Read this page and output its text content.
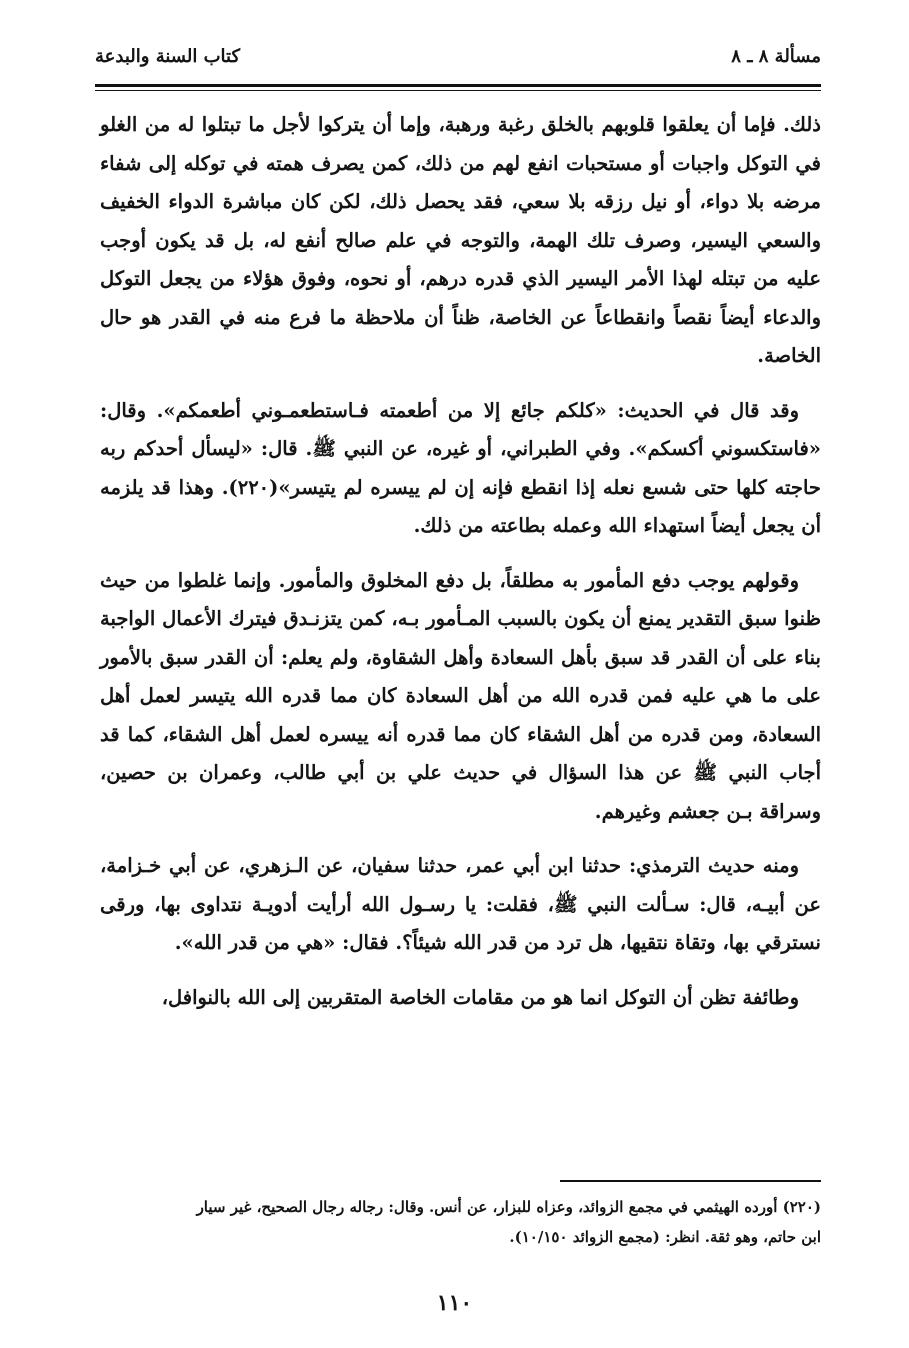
مسألة ٨ ـ ٨
كتاب السنة والبدعة

ذلك. فإما أن يعلقوا قلوبهم بالخلق رغبة ورهبة، وإما أن يتركوا لأجل ما تبتلوا له من الغلو في التوكل واجبات أو مستحبات انفع لهم من ذلك، كمن يصرف همته في توكله إلى شفاء مرضه بلا دواء، أو نيل رزقه بلا سعي، فقد يحصل ذلك، لكن كان مباشرة الدواء الخفيف والسعي اليسير، وصرف تلك الهمة، والتوجه في علم صالح أنفع له، بل قد يكون أوجب عليه من تبتله لهذا الأمر اليسير الذي قدره درهم، أو نحوه، وفوق هؤلاء من يجعل التوكل والدعاء أيضاً نقصاً وانقطاعاً عن الخاصة، ظناً أن ملاحظة ما فرع منه في القدر هو حال الخاصة.

وقد قال في الحديث: «كلكم جائع إلا من أطعمته فـاستطعمـوني أطعمكم». وقال: «فاستكسوني أكسكم». وفي الطبراني، أو غيره، عن النبي ﷺ. قال: «ليسأل أحدكم ربه حاجته كلها حتى شسع نعله إذا انقطع فإنه إن لم ييسره لم يتيسر»(٢٢٠). وهذا قد يلزمه أن يجعل أيضاً استهداء الله وعمله بطاعته من ذلك.

وقولهم يوجب دفع المأمور به مطلقاً، بل دفع المخلوق والمأمور. وإنما غلطوا من حيث ظنوا سبق التقدير يمنع أن يكون بالسبب المـأمور بـه، كمن يتزنـدق فيترك الأعمال الواجبة بناء على أن القدر قد سبق بأهل السعادة وأهل الشقاوة، ولم يعلم: أن القدر سبق بالأمور على ما هي عليه فمن قدره الله من أهل السعادة كان مما قدره الله يتيسر لعمل أهل السعادة، ومن قدره من أهل الشقاء كان مما قدره أنه ييسره لعمل أهل الشقاء، كما قد أجاب النبي ﷺ عن هذا السؤال في حديث علي بن أبي طالب، وعمران بن حصين، وسراقة بـن جعشم وغيرهم.

ومنه حديث الترمذي: حدثنا ابن أبي عمر، حدثنا سفيان، عن الـزهري، عن أبي خـزامة، عن أبيـه، قال: سـألت النبي ﷺ، فقلت: يا رسـول الله أرأيت أدويـة نتداوى بها، ورقى نسترقي بها، وتقاة نتقيها، هل ترد من قدر الله شيئاً؟. فقال: «هي من قدر الله».

وطائفة تظن أن التوكل انما هو من مقامات الخاصة المتقربين إلى الله بالنوافل،

(٢٢٠) أورده الهيثمي في مجمع الزوائد، وعزاه للبزار، عن أنس. وقال: رجاله رجال الصحيح، غير سيار

ابن حاتم، وهو ثقة. انظر: (مجمع الزوائد ١٠/١٥٠).

١١٠
